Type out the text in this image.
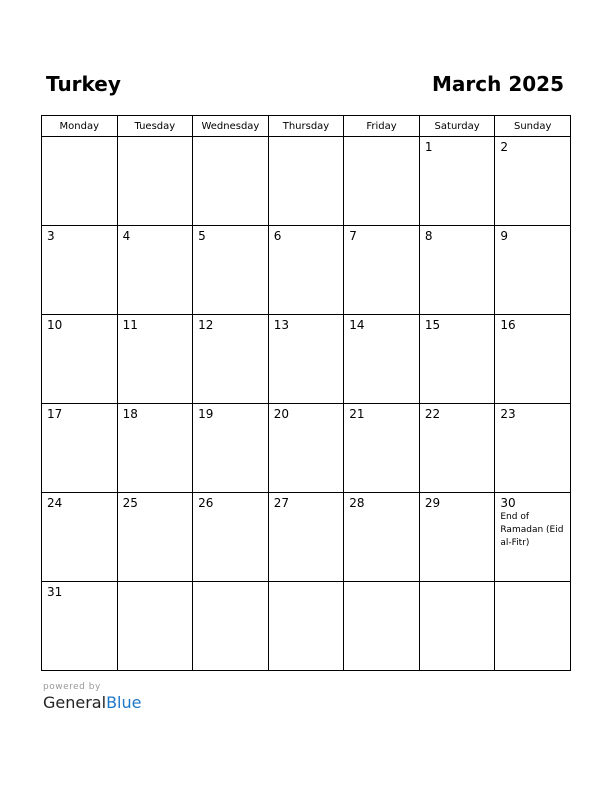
Turkey	March 2025
Monday	Tuesday	Wednesday	Thursday	Friday	Saturday	Sunday

					1	2

3	4	5	6	7	8	9

10	11	12	13	14	15	16

17	18	19	20	21	22	23

24	25	26	27	28	29	30
End of Ramadan (Eid al-Fitr)

31						

powered by
GeneralBlue
